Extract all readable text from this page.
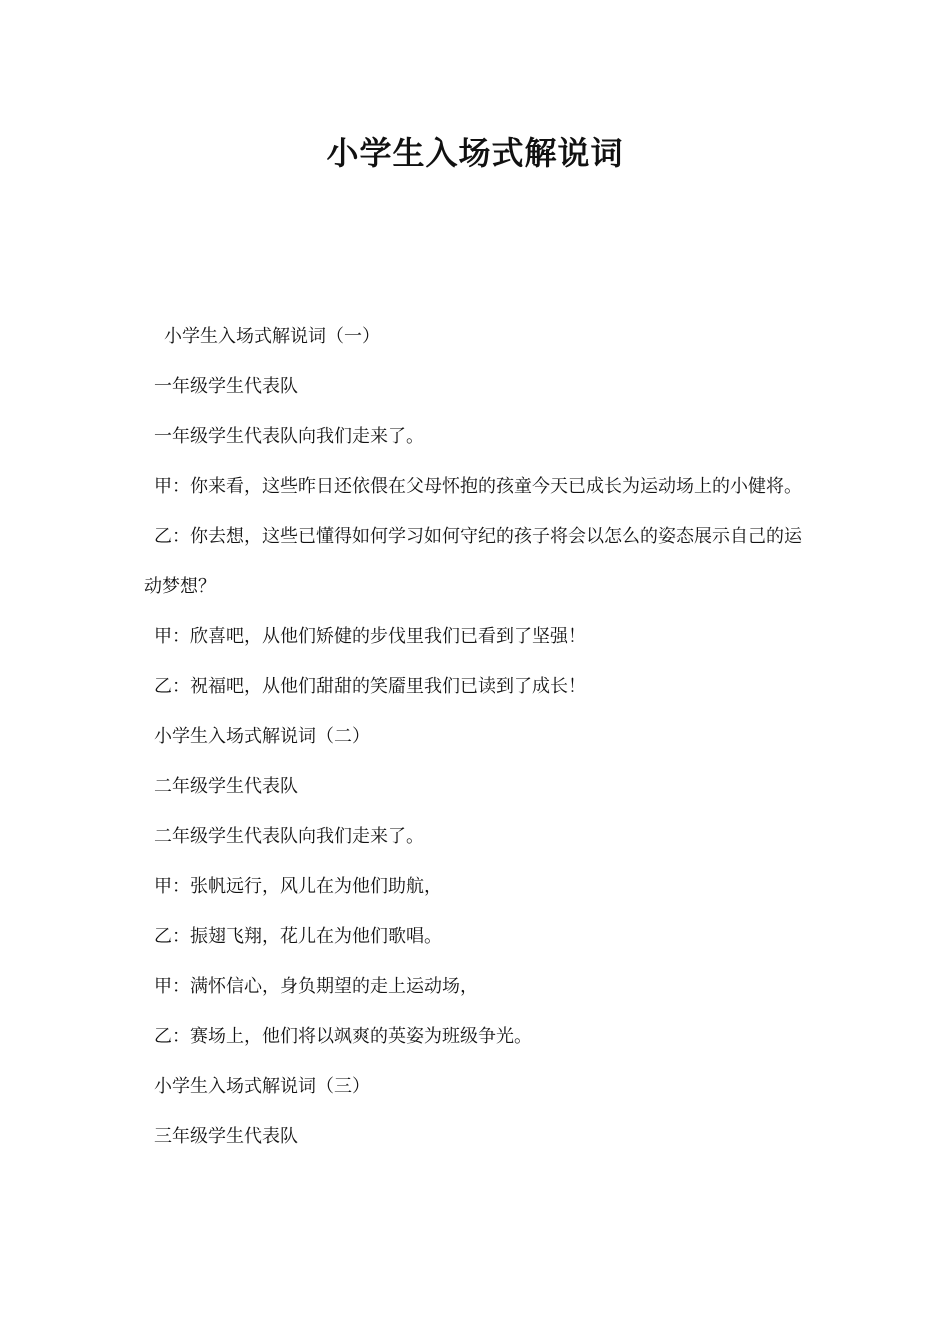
小学生入场式解说词

小学生入场式解说词（一）

一年级学生代表队

一年级学生代表队向我们走来了。

甲：你来看，这些昨日还依偎在父母怀抱的孩童今天已成长为运动场上的小健将。

乙：你去想，这些已懂得如何学习如何守纪的孩子将会以怎么的姿态展示自己的运动梦想？

甲：欣喜吧，从他们矫健的步伐里我们已看到了坚强！

乙：祝福吧，从他们甜甜的笑靥里我们已读到了成长！

小学生入场式解说词（二）

二年级学生代表队

二年级学生代表队向我们走来了。

甲：张帆远行，风儿在为他们助航，

乙：振翅飞翔，花儿在为他们歌唱。

甲：满怀信心，身负期望的走上运动场，

乙：赛场上，他们将以飒爽的英姿为班级争光。

小学生入场式解说词（三）

三年级学生代表队
